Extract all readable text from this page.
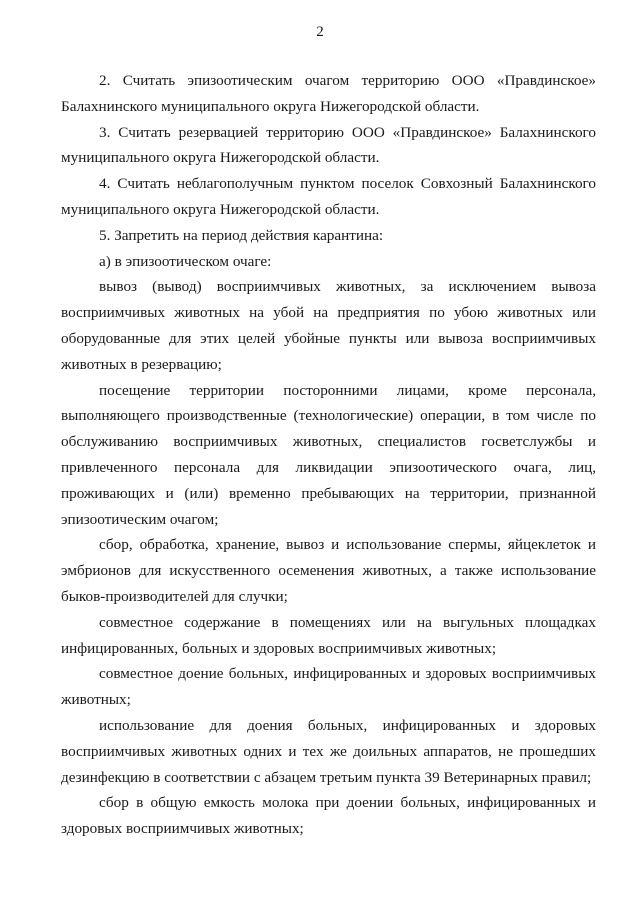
2

2. Считать эпизоотическим очагом территорию ООО «Правдинское» Балахнинского муниципального округа Нижегородской области.

3. Считать резервацией территорию ООО «Правдинское» Балахнинского муниципального округа Нижегородской области.

4. Считать неблагополучным пунктом поселок Совхозный Балахнинского муниципального округа Нижегородской области.

5. Запретить на период действия карантина:

а) в эпизоотическом очаге:

вывоз (вывод) восприимчивых животных, за исключением вывоза восприимчивых животных на убой на предприятия по убою животных или оборудованные для этих целей убойные пункты или вывоза восприимчивых животных в резервацию;

посещение территории посторонними лицами, кроме персонала, выполняющего производственные (технологические) операции, в том числе по обслуживанию восприимчивых животных, специалистов госветслужбы и привлеченного персонала для ликвидации эпизоотического очага, лиц, проживающих и (или) временно пребывающих на территории, признанной эпизоотическим очагом;

сбор, обработка, хранение, вывоз и использование спермы, яйцеклеток и эмбрионов для искусственного осеменения животных, а также использование быков-производителей для случки;

совместное содержание в помещениях или на выгульных площадках инфицированных, больных и здоровых восприимчивых животных;

совместное доение больных, инфицированных и здоровых восприимчивых животных;

использование для доения больных, инфицированных и здоровых восприимчивых животных одних и тех же доильных аппаратов, не прошедших дезинфекцию в соответствии с абзацем третьим пункта 39 Ветеринарных правил;

сбор в общую емкость молока при доении больных, инфицированных и здоровых восприимчивых животных;
